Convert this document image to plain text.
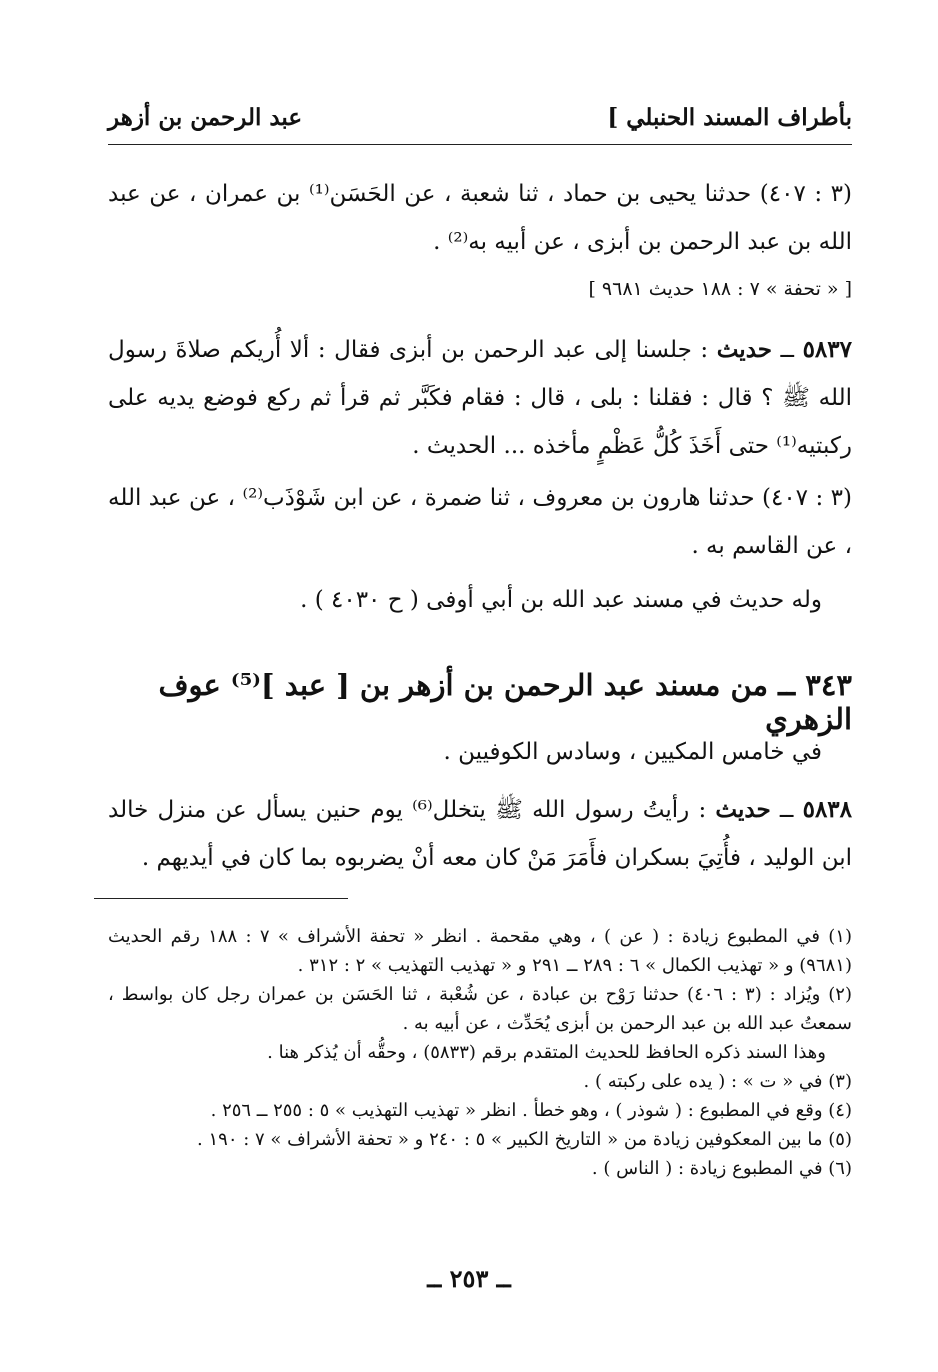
بأطراف المسند الحنبلي ]
عبد الرحمن بن أزهر
(٣ : ٤٠٧) حدثنا يحيى بن حماد ، ثنا شعبة ، عن الحَسَن⁽¹⁾ بن عمران ، عن عبد الله بن عبد الرحمن بن أبزى ، عن أبيه به⁽²⁾ .
[ « تحفة » ٧ : ١٨٨ حديث ٩٦٨١ ]
٥٨٣٧ ــ حديث : جلسنا إلى عبد الرحمن بن أبزى فقال : ألا أُريكم صلاةَ رسول الله ﷺ ؟ قال : فقلنا : بلى ، قال : فقام فكَبَّر ثم قرأ ثم ركع فوضع يديه على ركبتيه⁽¹⁾ حتى أَخَذَ كُلُّ عَظْمٍ مأخذه ... الحديث .
(٣ : ٤٠٧) حدثنا هارون بن معروف ، ثنا ضمرة ، عن ابن شَوْذَب⁽²⁾ ، عن عبد الله ، عن القاسم به .
وله حديث في مسند عبد الله بن أبي أوفى ( ح ٤٠٣٠ ) .
٣٤٣ ــ من مسند عبد الرحمن بن أزهر بن [ عبد ]⁽⁵⁾ عوف الزهري
في خامس المكيين ، وسادس الكوفيين .
٥٨٣٨ ــ حديث : رأيتُ رسول الله ﷺ يتخلل⁽⁶⁾ يوم حنين يسأل عن منزل خالد ابن الوليد ، فأُتِيَ بسكران فأَمَرَ مَنْ كان معه أنْ يضربوه بما كان في أيديهم .
(١) في المطبوع زيادة : ( عن ) ، وهي مقحمة . انظر « تحفة الأشراف » ٧ : ١٨٨ رقم الحديث (٩٦٨١) و « تهذيب الكمال » ٦ : ٢٨٩ ــ ٢٩١ و « تهذيب التهذيب » ٢ : ٣١٢ .
(٢) ويُزاد : (٣ : ٤٠٦) حدثنا رَوْح بن عبادة ، عن شُعْبة ، ثنا الحَسَن بن عمران رجل كان بواسط ، سمعتُ عبد الله بن عبد الرحمن بن أبزى يُحَدِّث ، عن أبيه به .
وهذا السند ذكره الحافظ للحديث المتقدم برقم (٥٨٣٣) ، وحقُّه أن يُذكر هنا .
(٣) في « ت » : ( يده على ركبته ) .
(٤) وقع في المطبوع : ( شوذر ) ، وهو خطأ . انظر « تهذيب التهذيب » ٥ : ٢٥٥ ــ ٢٥٦ .
(٥) ما بين المعكوفين زيادة من « التاريخ الكبير » ٥ : ٢٤٠ و « تحفة الأشراف » ٧ : ١٩٠ .
(٦) في المطبوع زيادة : ( الناس ) .
ــ ٢٥٣ ــ
